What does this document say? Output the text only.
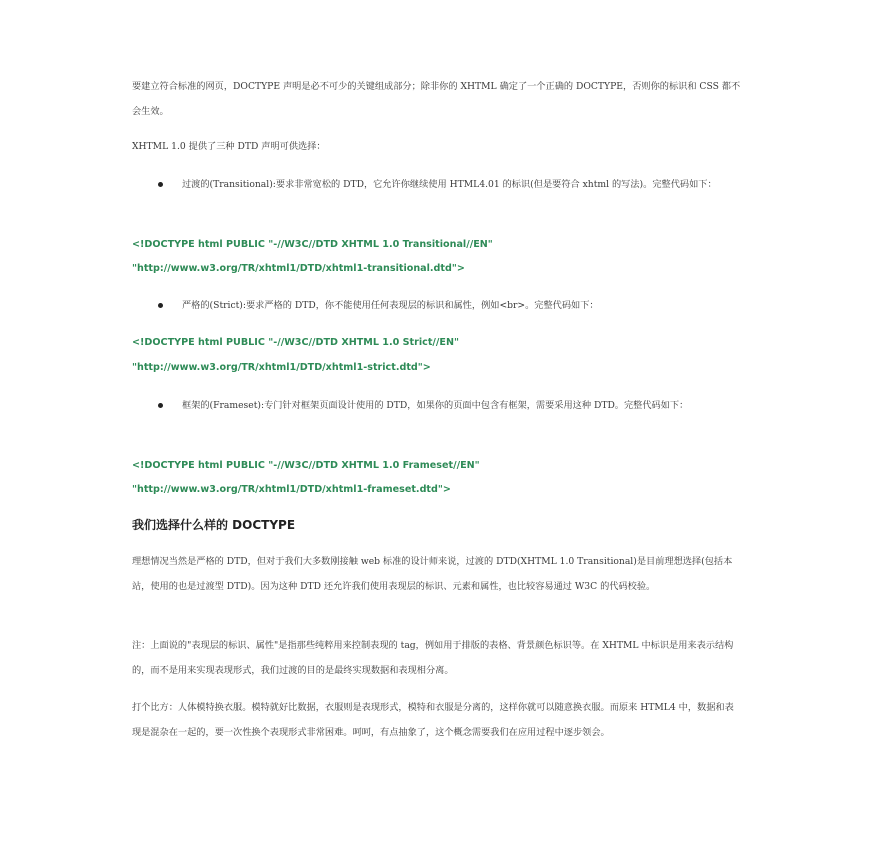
要建立符合标准的网页，DOCTYPE 声明是必不可少的关键组成部分；除非你的 XHTML 确定了一个正确的 DOCTYPE，否则你的标识和 CSS 都不会生效。

XHTML 1.0 提供了三种 DTD 声明可供选择：

过渡的(Transitional):要求非常宽松的 DTD，它允许你继续使用 HTML4.01 的标识(但是要符合 xhtml 的写法)。完整代码如下：

<!DOCTYPE html PUBLIC "-//W3C//DTD XHTML 1.0 Transitional//EN"

"http://www.w3.org/TR/xhtml1/DTD/xhtml1-transitional.dtd">

严格的(Strict):要求严格的 DTD，你不能使用任何表现层的标识和属性，例如<br>。完整代码如下：

<!DOCTYPE html PUBLIC "-//W3C//DTD XHTML 1.0 Strict//EN"

"http://www.w3.org/TR/xhtml1/DTD/xhtml1-strict.dtd">

框架的(Frameset):专门针对框架页面设计使用的 DTD，如果你的页面中包含有框架，需要采用这种 DTD。完整代码如下：

<!DOCTYPE html PUBLIC "-//W3C//DTD XHTML 1.0 Frameset//EN"

"http://www.w3.org/TR/xhtml1/DTD/xhtml1-frameset.dtd">

我们选择什么样的 DOCTYPE

理想情况当然是严格的 DTD，但对于我们大多数刚接触 web 标准的设计师来说，过渡的 DTD(XHTML 1.0 Transitional)是目前理想选择(包括本站，使用的也是过渡型 DTD)。因为这种 DTD 还允许我们使用表现层的标识、元素和属性，也比较容易通过 W3C 的代码校验。

注：上面说的"表现层的标识、属性"是指那些纯粹用来控制表现的 tag，例如用于排版的表格、背景颜色标识等。在 XHTML 中标识是用来表示结构的，而不是用来实现表现形式，我们过渡的目的是最终实现数据和表现相分离。

打个比方：人体模特换衣服。模特就好比数据，衣服则是表现形式，模特和衣服是分离的，这样你就可以随意换衣服。而原来 HTML4 中，数据和表现是混杂在一起的，要一次性换个表现形式非常困难。呵呵，有点抽象了，这个概念需要我们在应用过程中逐步领会。
